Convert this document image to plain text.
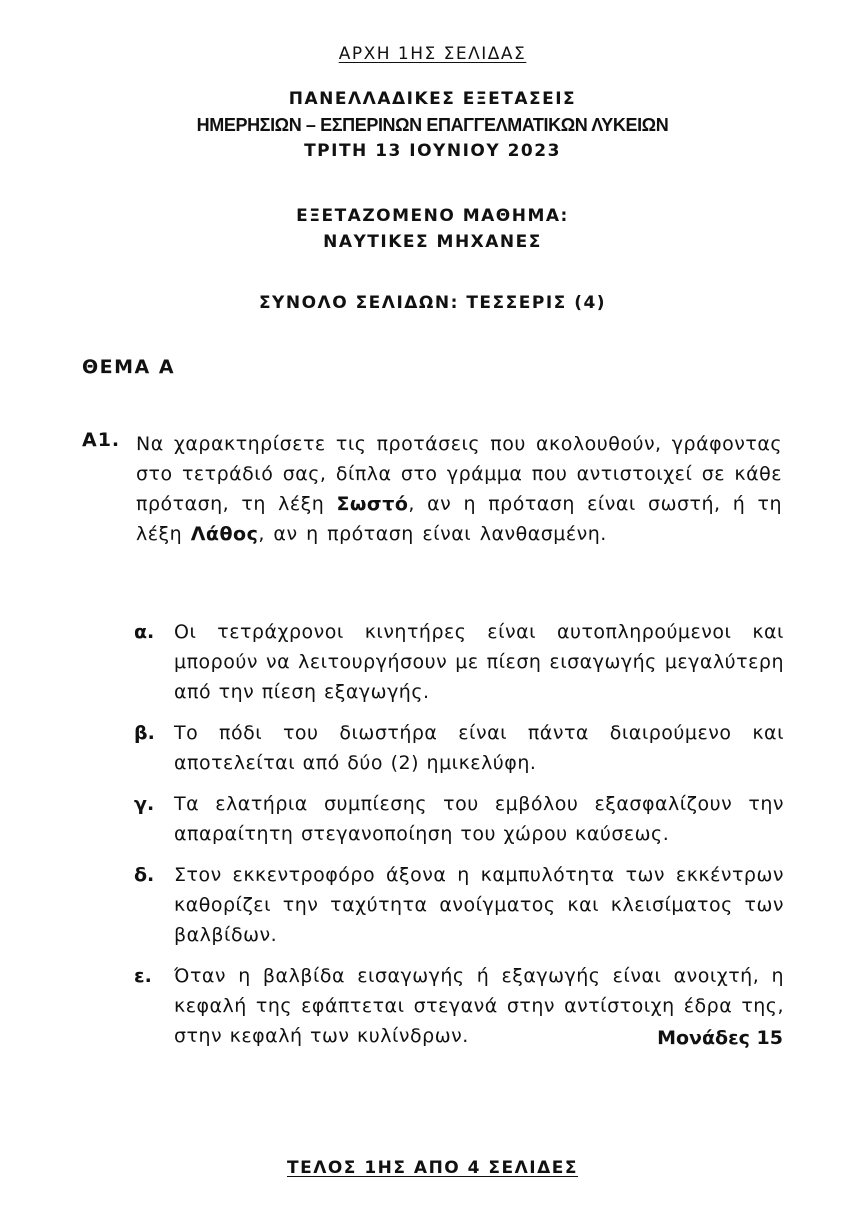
ΑΡΧΗ 1ΗΣ ΣΕΛΙΔΑΣ
ΠΑΝΕΛΛΑΔΙΚΕΣ ΕΞΕΤΑΣΕΙΣ
ΗΜΕΡΗΣΙΩΝ – ΕΣΠΕΡΙΝΩΝ ΕΠΑΓΓΕΛΜΑΤΙΚΩΝ ΛΥΚΕΙΩΝ
ΤΡΙΤΗ 13 ΙΟΥΝΙΟΥ 2023
ΕΞΕΤΑΖΟΜΕΝΟ ΜΑΘΗΜΑ:
ΝΑΥΤΙΚΕΣ ΜΗΧΑΝΕΣ
ΣΥΝΟΛΟ ΣΕΛΙΔΩΝ: ΤΕΣΣΕΡΙΣ (4)
ΘΕΜΑ Α
Α1. Να χαρακτηρίσετε τις προτάσεις που ακολουθούν, γράφοντας στο τετράδιό σας, δίπλα στο γράμμα που αντιστοιχεί σε κάθε πρόταση, τη λέξη Σωστό, αν η πρόταση είναι σωστή, ή τη λέξη Λάθος, αν η πρόταση είναι λανθασμένη.

α.	Οι τετράχρονοι κινητήρες είναι αυτοπληρούμενοι και μπορούν να λειτουργήσουν με πίεση εισαγωγής μεγαλύτερη από την πίεση εξαγωγής.
β.	Το πόδι του διωστήρα είναι πάντα διαιρούμενο και αποτελείται από δύο (2) ημικελύφη.
γ.	Τα ελατήρια συμπίεσης του εμβόλου εξασφαλίζουν την απαραίτητη στεγανοποίηση του χώρου καύσεως.
δ.	Στον εκκεντροφόρο άξονα η καμπυλότητα των εκκέντρων καθορίζει την ταχύτητα ανοίγματος και κλεισίματος των βαλβίδων.
ε.	Όταν η βαλβίδα εισαγωγής ή εξαγωγής είναι ανοιχτή, η κεφαλή της εφάπτεται στεγανά στην αντίστοιχη έδρα της, στην κεφαλή των κυλίνδρων.	Μονάδες 15
ΤΕΛΟΣ 1ΗΣ ΑΠΟ 4 ΣΕΛΙΔΕΣ
